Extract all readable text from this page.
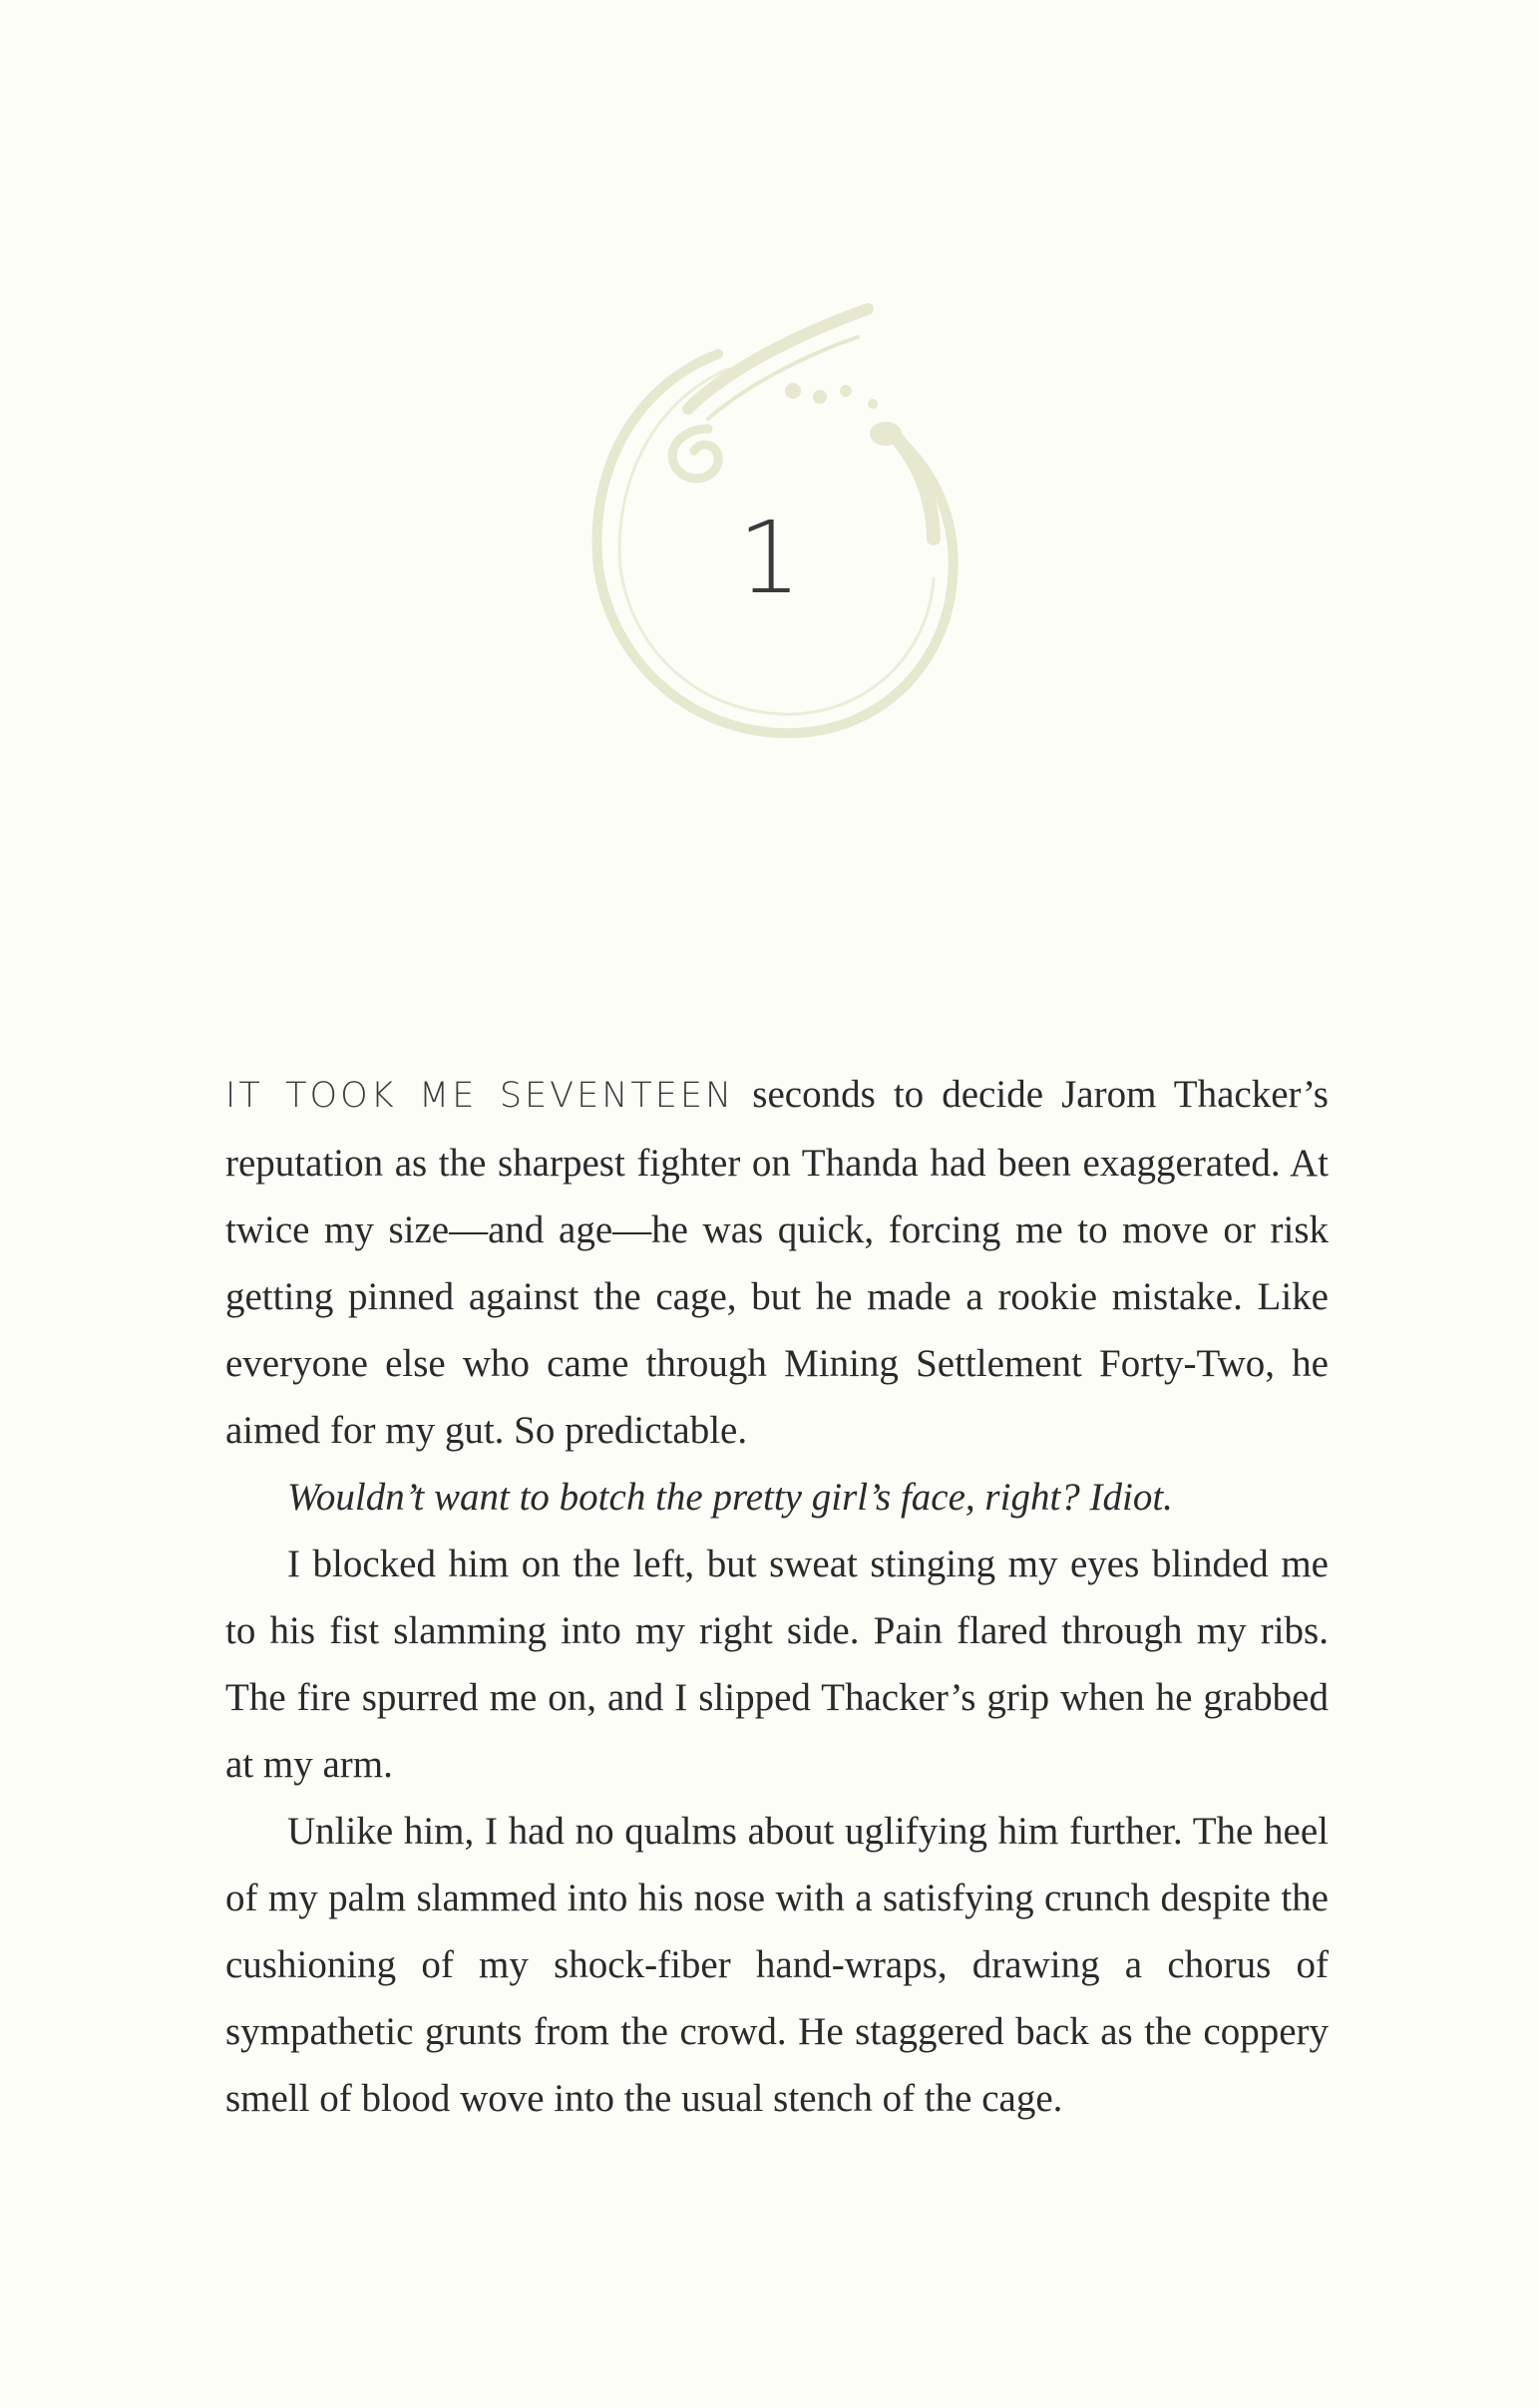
1

IT TOOK ME SEVENTEEN seconds to decide Jarom Thacker’s reputation as the sharpest fighter on Thanda had been exaggerated. At twice my size—and age—he was quick, forcing me to move or risk getting pinned against the cage, but he made a rookie mistake. Like everyone else who came through Mining Settlement Forty-Two, he aimed for my gut. So predictable.

Wouldn’t want to botch the pretty girl’s face, right? Idiot.

I blocked him on the left, but sweat stinging my eyes blinded me to his fist slamming into my right side. Pain flared through my ribs. The fire spurred me on, and I slipped Thacker’s grip when he grabbed at my arm.

Unlike him, I had no qualms about uglifying him further. The heel of my palm slammed into his nose with a satisfying crunch despite the cushioning of my shock-fiber hand-wraps, drawing a chorus of sympathetic grunts from the crowd. He staggered back as the coppery smell of blood wove into the usual stench of the cage.
